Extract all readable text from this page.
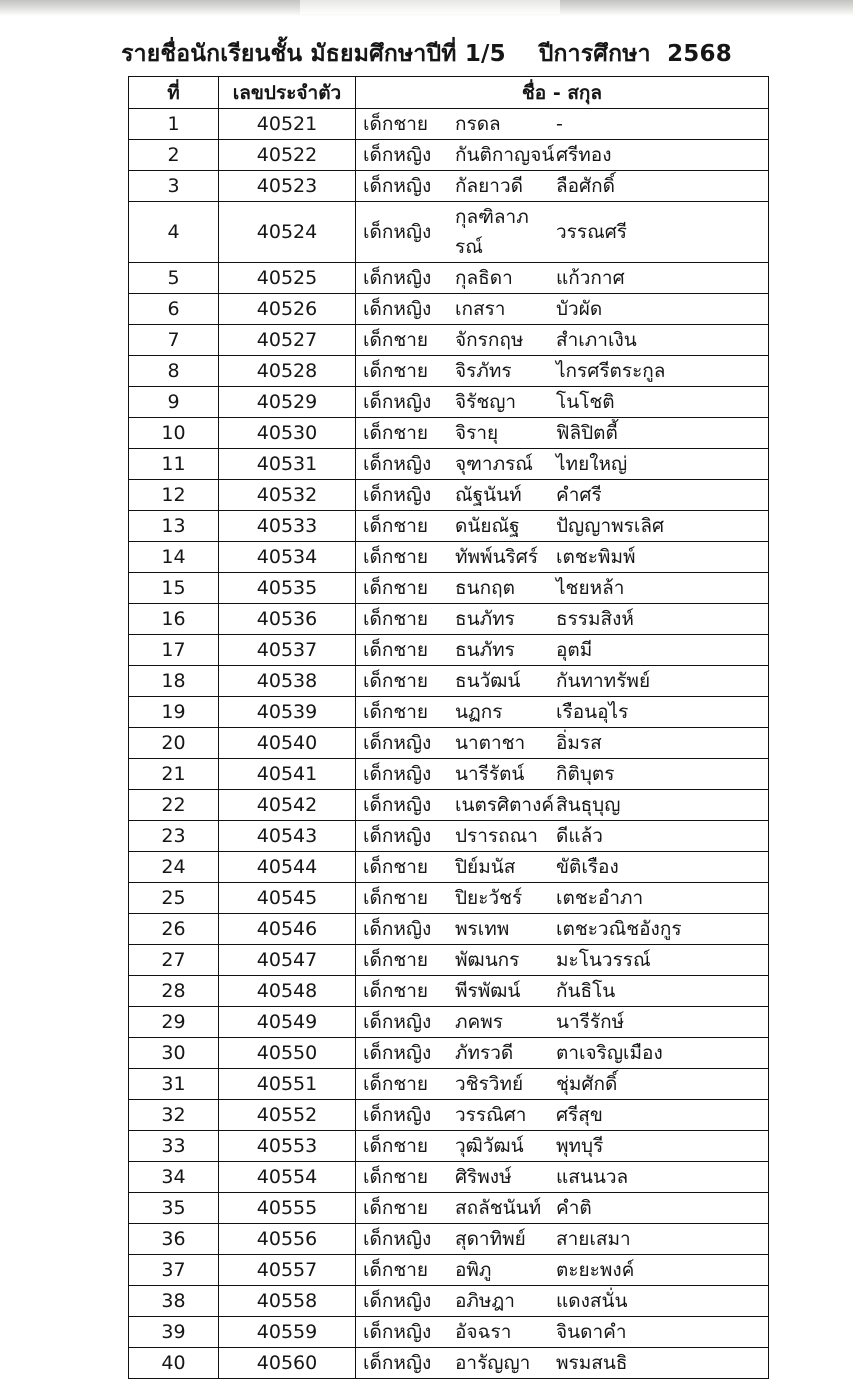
รายชื่อนักเรียนชั้น มัธยมศึกษาปีที่ 1/5    ปีการศึกษา  2568
ที่	เลขประจำตัว	ชื่อ - สกุล
1	40521	เด็กชาย กรดล -

2	40522	เด็กหญิง กันติกาญจน์ ศรีทอง

3	40523	เด็กหญิง กัลยาวดี ลือศักดิ์

4	40524	เด็กหญิง
กุลฑิลาภรณ์
วรรณศรี

5	40525	เด็กหญิง กุลธิดา แก้วกาศ

6	40526	เด็กหญิง เกสรา บัวผัด

7	40527	เด็กชาย จักรกฤษ สำเภาเงิน

8	40528	เด็กชาย จิรภัทร ไกรศรีตระกูล

9	40529	เด็กหญิง จิรัชญา โนโชติ

10	40530	เด็กชาย จิรายุ ฟิลิปิตตี้

11	40531	เด็กหญิง จุฑาภรณ์ ไทยใหญ่

12	40532	เด็กหญิง ณัฐนันท์ คำศรี

13	40533	เด็กชาย ดนัยณัฐ ปัญญาพรเลิศ

14	40534	เด็กชาย ทัพพ์นริศร์ เตชะพิมพ์

15	40535	เด็กชาย ธนกฤต ไชยหล้า

16	40536	เด็กชาย ธนภัทร ธรรมสิงห์

17	40537	เด็กชาย ธนภัทร อุตมี

18	40538	เด็กชาย ธนวัฒน์ กันทาทรัพย์

19	40539	เด็กชาย นฏกร เรือนอุไร

20	40540	เด็กหญิง นาตาชา อิ่มรส

21	40541	เด็กหญิง นารีรัตน์ กิติบุตร

22	40542	เด็กหญิง เนตรศิตางค์ สินธุบุญ

23	40543	เด็กหญิง ปรารถณา ดีแล้ว

24	40544	เด็กชาย ปิย์มนัส ขัติเรือง

25	40545	เด็กชาย ปิยะวัชร์ เตชะอำภา

26	40546	เด็กหญิง พรเทพ เตชะวณิชอังกูร

27	40547	เด็กชาย พัฒนกร มะโนวรรณ์

28	40548	เด็กชาย พีรพัฒน์ กันธิโน

29	40549	เด็กหญิง ภคพร นารีรักษ์

30	40550	เด็กหญิง ภัทรวดี ตาเจริญเมือง

31	40551	เด็กชาย วชิรวิทย์ ชุ่มศักดิ์

32	40552	เด็กหญิง วรรณิศา ศรีสุข

33	40553	เด็กชาย วุฒิวัฒน์ พุทบุรี

34	40554	เด็กชาย ศิริพงษ์ แสนนวล

35	40555	เด็กชาย สถลัชนันท์ คำติ

36	40556	เด็กหญิง สุดาทิพย์ สายเสมา

37	40557	เด็กชาย อพิภู ตะยะพงค์

38	40558	เด็กหญิง อภิษฎา แดงสนั่น

39	40559	เด็กหญิง อัจฉรา จินดาคำ

40	40560	เด็กหญิง อารัญญา พรมสนธิ
